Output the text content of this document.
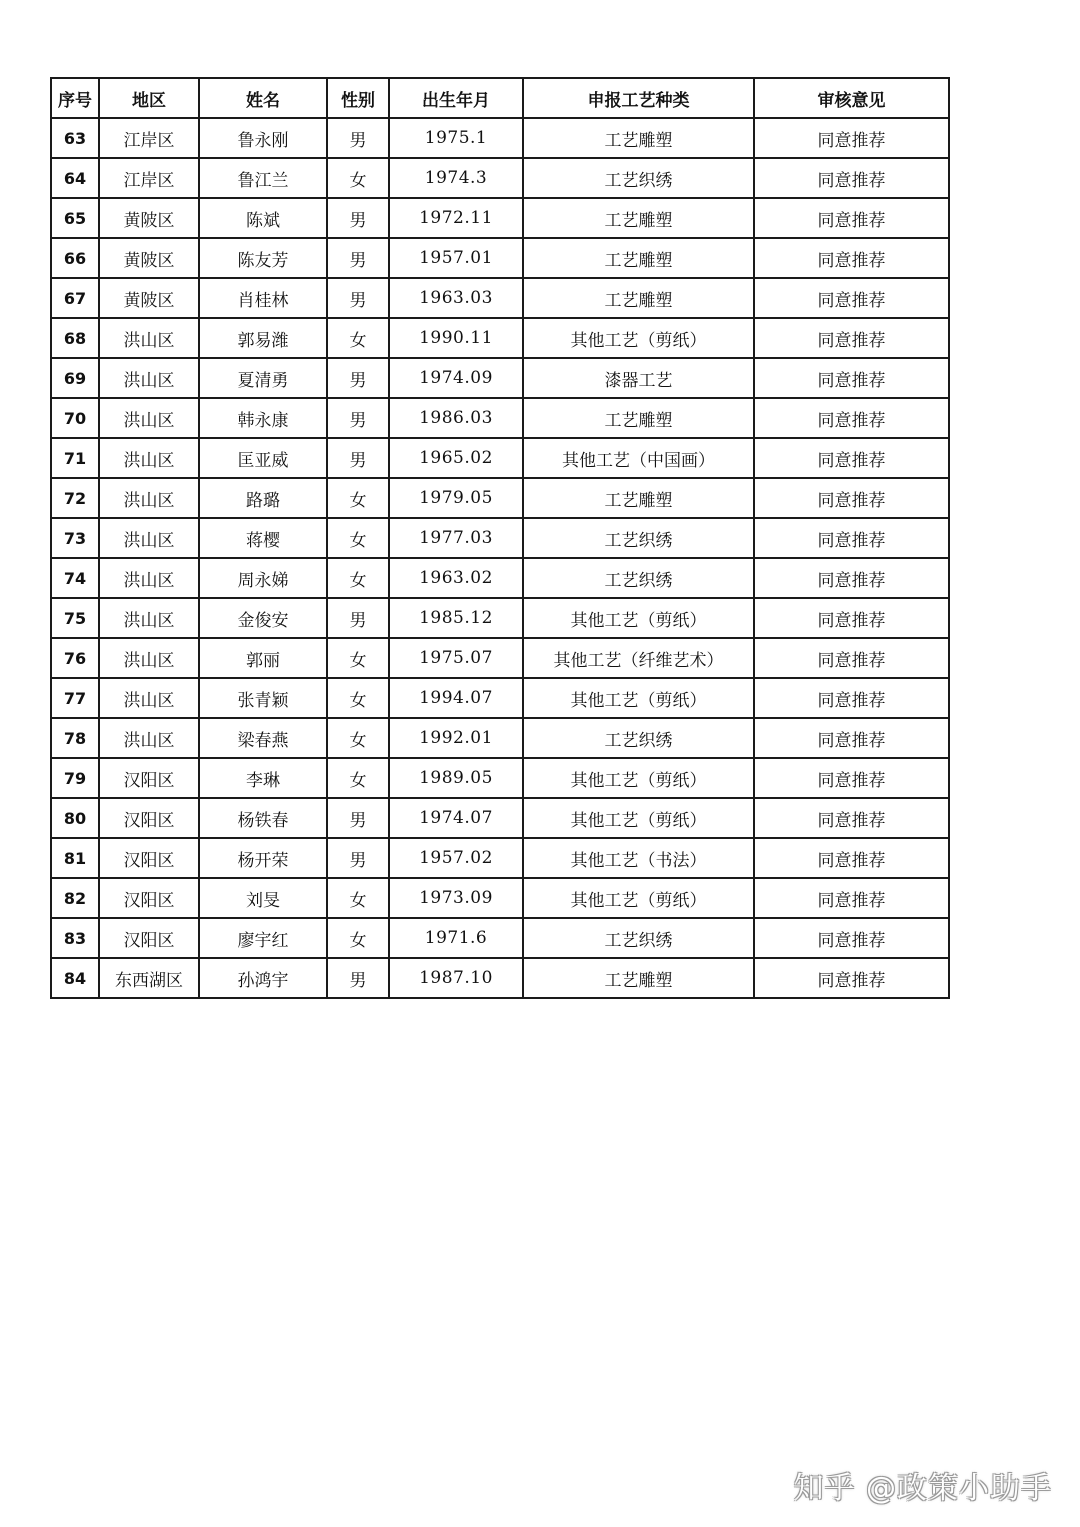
序号	地区	姓名	性别	出生年月	申报工艺种类	审核意见
63	江岸区	鲁永刚	男	1975.1	工艺雕塑	同意推荐
64	江岸区	鲁江兰	女	1974.3	工艺织绣	同意推荐
65	黄陂区	陈斌	男	1972.11	工艺雕塑	同意推荐
66	黄陂区	陈友芳	男	1957.01	工艺雕塑	同意推荐
67	黄陂区	肖桂林	男	1963.03	工艺雕塑	同意推荐
68	洪山区	郭易潍	女	1990.11	其他工艺（剪纸）	同意推荐
69	洪山区	夏清勇	男	1974.09	漆器工艺	同意推荐
70	洪山区	韩永康	男	1986.03	工艺雕塑	同意推荐
71	洪山区	匡亚威	男	1965.02	其他工艺（中国画）	同意推荐
72	洪山区	路璐	女	1979.05	工艺雕塑	同意推荐
73	洪山区	蒋樱	女	1977.03	工艺织绣	同意推荐
74	洪山区	周永娣	女	1963.02	工艺织绣	同意推荐
75	洪山区	金俊安	男	1985.12	其他工艺（剪纸）	同意推荐
76	洪山区	郭丽	女	1975.07	其他工艺（纤维艺术）	同意推荐
77	洪山区	张青颖	女	1994.07	其他工艺（剪纸）	同意推荐
78	洪山区	梁春燕	女	1992.01	工艺织绣	同意推荐
79	汉阳区	李琳	女	1989.05	其他工艺（剪纸）	同意推荐
80	汉阳区	杨铁春	男	1974.07	其他工艺（剪纸）	同意推荐
81	汉阳区	杨开荣	男	1957.02	其他工艺（书法）	同意推荐
82	汉阳区	刘旻	女	1973.09	其他工艺（剪纸）	同意推荐
83	汉阳区	廖宇红	女	1971.6	工艺织绣	同意推荐
84	东西湖区	孙鸿宇	男	1987.10	工艺雕塑	同意推荐
知乎 @政策小助手
